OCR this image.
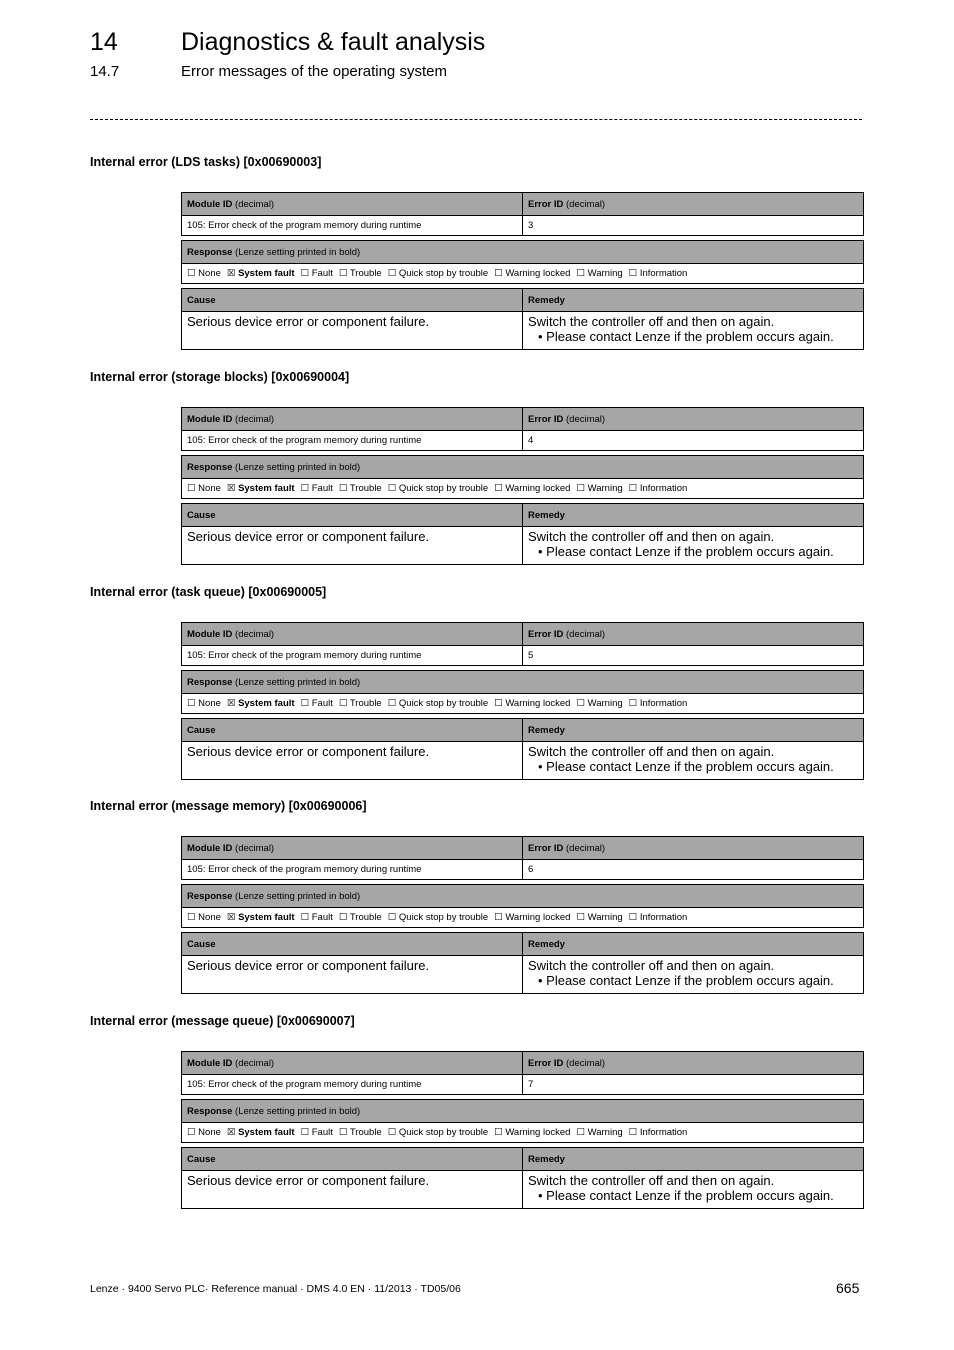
14	Diagnostics & fault analysis
14.7	Error messages of the operating system
Internal error (LDS tasks) [0x00690003]
Module ID (decimal)	Error ID (decimal)
105: Error check of the program memory during runtime	3
Response (Lenze setting printed in bold)
☐ None ☒ System fault ☐ Fault ☐ Trouble ☐ Quick stop by trouble ☐ Warning locked ☐ Warning ☐ Information
Cause	Remedy
Serious device error or component failure.	Switch the controller off and then on again.
• Please contact Lenze if the problem occurs again.
Internal error (storage blocks) [0x00690004]
Module ID (decimal)	Error ID (decimal)
105: Error check of the program memory during runtime	4
Response (Lenze setting printed in bold)
☐ None ☒ System fault ☐ Fault ☐ Trouble ☐ Quick stop by trouble ☐ Warning locked ☐ Warning ☐ Information
Cause	Remedy
Serious device error or component failure.	Switch the controller off and then on again.
• Please contact Lenze if the problem occurs again.
Internal error (task queue) [0x00690005]
Module ID (decimal)	Error ID (decimal)
105: Error check of the program memory during runtime	5
Response (Lenze setting printed in bold)
☐ None ☒ System fault ☐ Fault ☐ Trouble ☐ Quick stop by trouble ☐ Warning locked ☐ Warning ☐ Information
Cause	Remedy
Serious device error or component failure.	Switch the controller off and then on again.
• Please contact Lenze if the problem occurs again.
Internal error (message memory) [0x00690006]
Module ID (decimal)	Error ID (decimal)
105: Error check of the program memory during runtime	6
Response (Lenze setting printed in bold)
☐ None ☒ System fault ☐ Fault ☐ Trouble ☐ Quick stop by trouble ☐ Warning locked ☐ Warning ☐ Information
Cause	Remedy
Serious device error or component failure.	Switch the controller off and then on again.
• Please contact Lenze if the problem occurs again.
Internal error (message queue) [0x00690007]
Module ID (decimal)	Error ID (decimal)
105: Error check of the program memory during runtime	7
Response (Lenze setting printed in bold)
☐ None ☒ System fault ☐ Fault ☐ Trouble ☐ Quick stop by trouble ☐ Warning locked ☐ Warning ☐ Information
Cause	Remedy
Serious device error or component failure.	Switch the controller off and then on again.
• Please contact Lenze if the problem occurs again.
Lenze · 9400 Servo PLC· Reference manual · DMS 4.0 EN · 11/2013 · TD05/06	665
